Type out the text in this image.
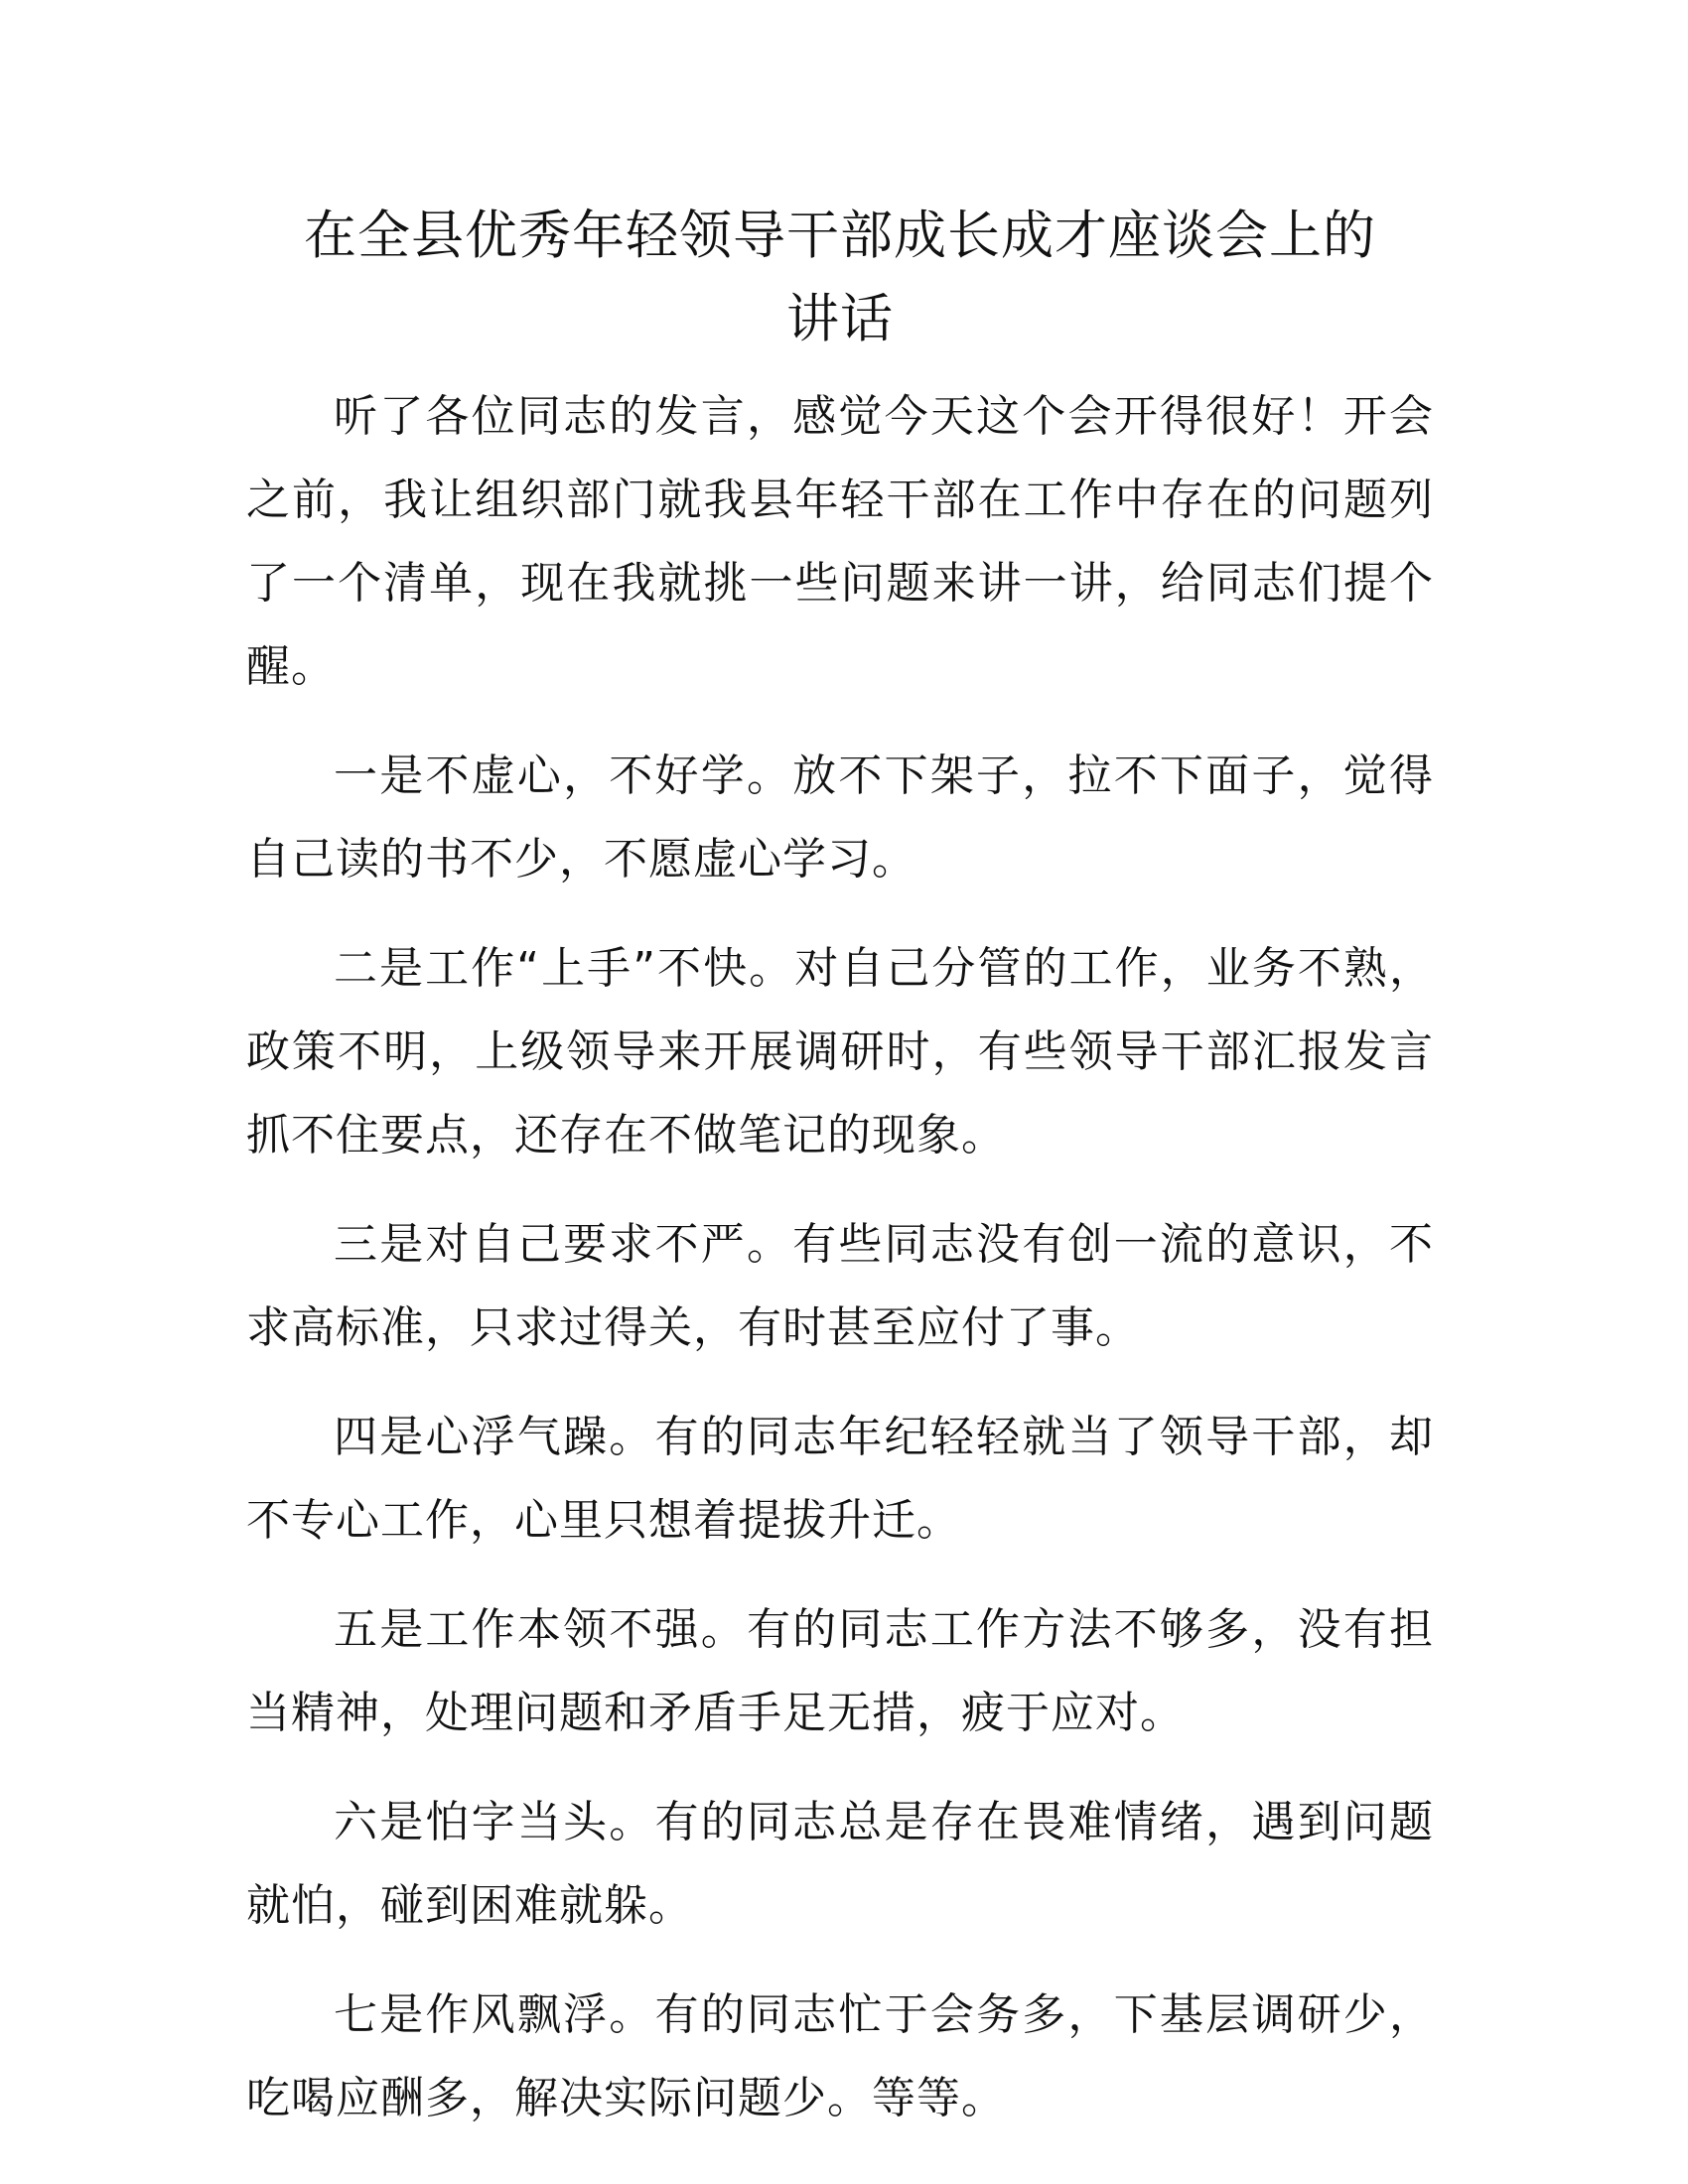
在全县优秀年轻领导干部成长成才座谈会上的
讲话

听了各位同志的发言，感觉今天这个会开得很好！开会之前，我让组织部门就我县年轻干部在工作中存在的问题列了一个清单，现在我就挑一些问题来讲一讲，给同志们提个醒。

一是不虚心，不好学。放不下架子，拉不下面子，觉得自己读的书不少，不愿虚心学习。

二是工作“上手”不快。对自己分管的工作，业务不熟，政策不明，上级领导来开展调研时，有些领导干部汇报发言抓不住要点，还存在不做笔记的现象。

三是对自己要求不严。有些同志没有创一流的意识，不求高标准，只求过得关，有时甚至应付了事。

四是心浮气躁。有的同志年纪轻轻就当了领导干部，却不专心工作，心里只想着提拔升迁。

五是工作本领不强。有的同志工作方法不够多，没有担当精神，处理问题和矛盾手足无措，疲于应对。

六是怕字当头。有的同志总是存在畏难情绪，遇到问题就怕，碰到困难就躲。

七是作风飘浮。有的同志忙于会务多，下基层调研少，吃喝应酬多，解决实际问题少。等等。
